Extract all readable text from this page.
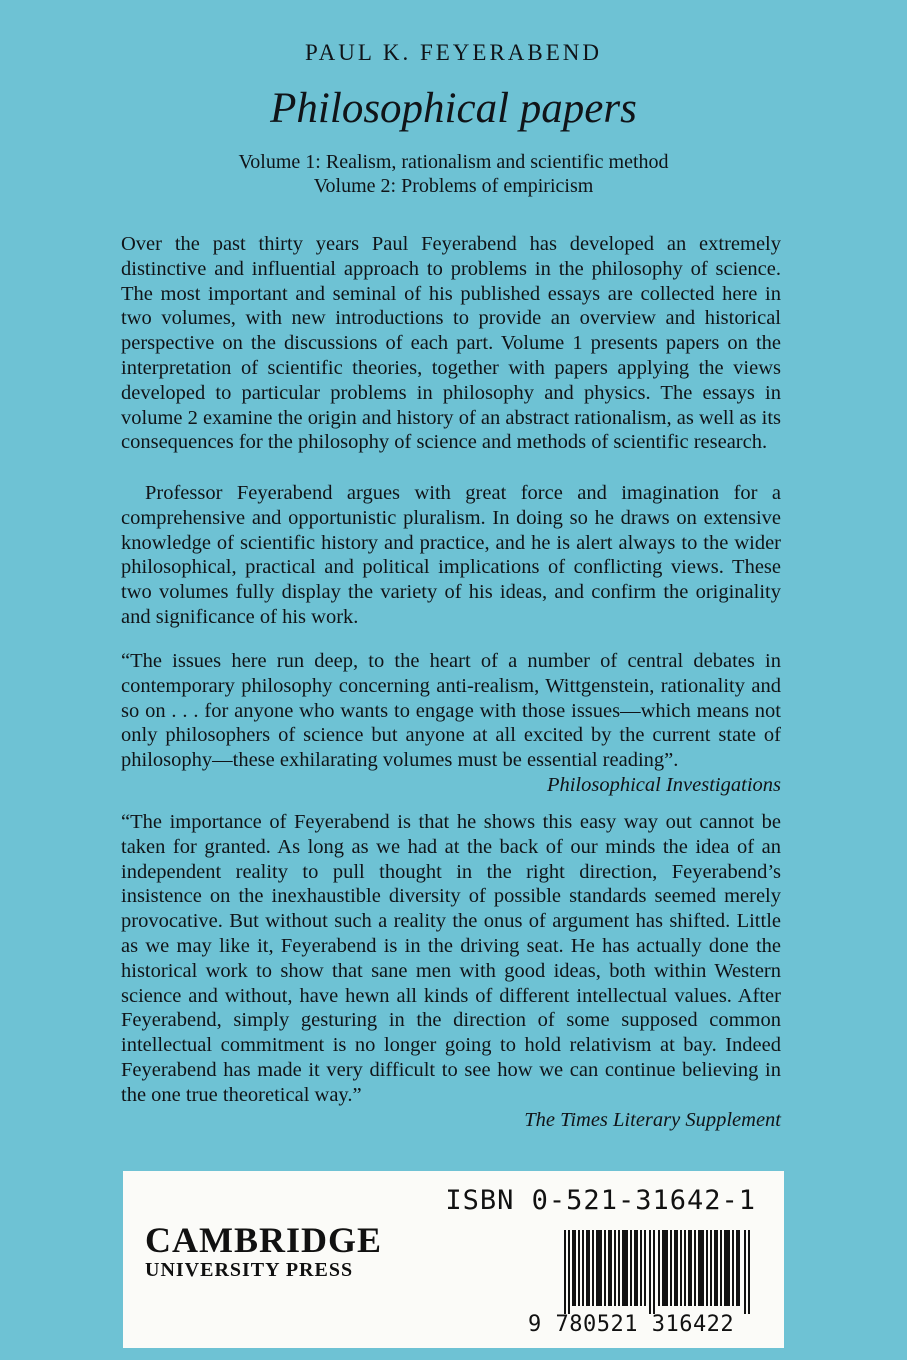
PAUL K. FEYERABEND
Philosophical papers
Volume 1: Realism, rationalism and scientific method
Volume 2: Problems of empiricism

Over the past thirty years Paul Feyerabend has developed an extremely distinctive and influential approach to problems in the philosophy of science. The most important and seminal of his published essays are collected here in two volumes, with new introductions to provide an overview and historical perspective on the discussions of each part. Volume 1 presents papers on the interpretation of scientific theories, together with papers applying the views developed to particular problems in philosophy and physics. The essays in volume 2 examine the origin and history of an abstract rationalism, as well as its consequences for the philosophy of science and methods of scientific research.

Professor Feyerabend argues with great force and imagination for a comprehensive and opportunistic pluralism. In doing so he draws on extensive knowledge of scientific history and practice, and he is alert always to the wider philosophical, practical and political implications of conflicting views. These two volumes fully display the variety of his ideas, and confirm the originality and significance of his work.

“The issues here run deep, to the heart of a number of central debates in contemporary philosophy concerning anti-realism, Wittgenstein, rationality and so on . . . for anyone who wants to engage with those issues—which means not only philosophers of science but anyone at all excited by the current state of philosophy—these exhilarating volumes must be essential reading”.
Philosophical Investigations

“The importance of Feyerabend is that he shows this easy way out cannot be taken for granted. As long as we had at the back of our minds the idea of an independent reality to pull thought in the right direction, Feyerabend’s insistence on the inexhaustible diversity of possible standards seemed merely provocative. But without such a reality the onus of argument has shifted. Little as we may like it, Feyerabend is in the driving seat. He has actually done the historical work to show that sane men with good ideas, both within Western science and without, have hewn all kinds of different intellectual values. After Feyerabend, simply gesturing in the direction of some supposed common intellectual commitment is no longer going to hold relativism at bay. Indeed Feyerabend has made it very difficult to see how we can continue believing in the one true theoretical way.”

The Times Literary Supplement
ISBN 0-521-31642-1
CAMBRIDGE
UNIVERSITY PRESS
9 780521 316422
